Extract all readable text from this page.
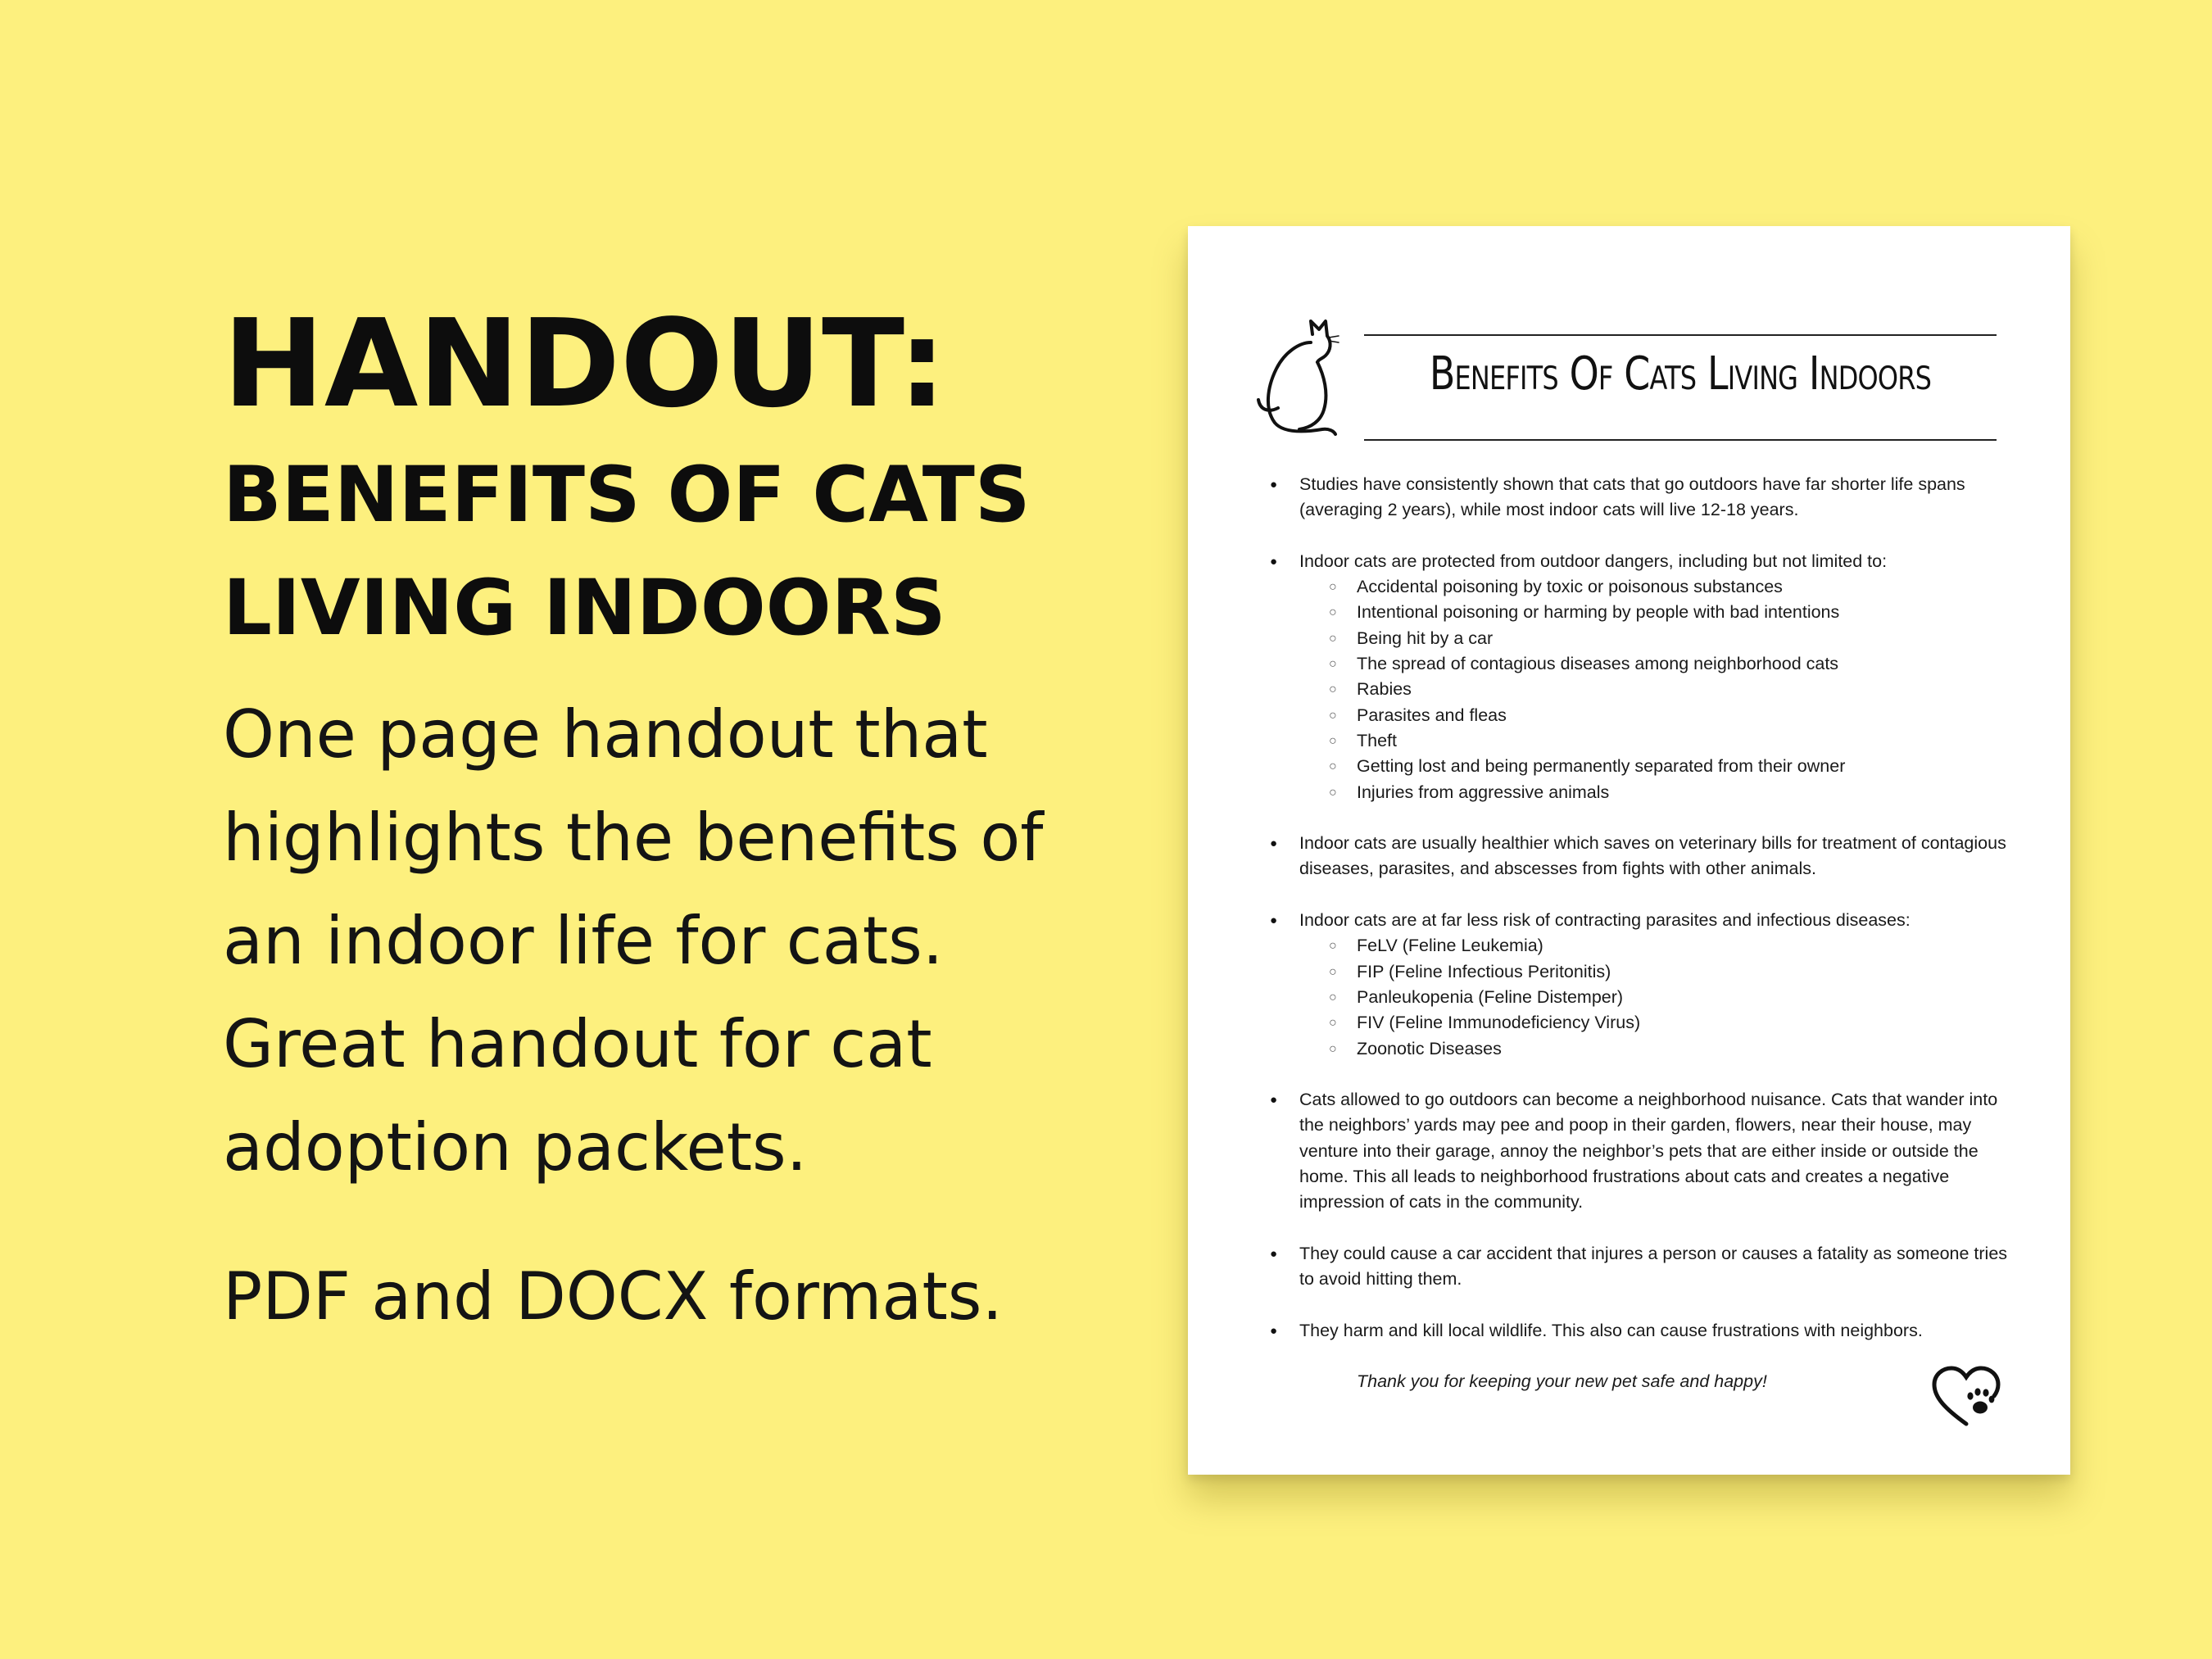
HANDOUT:
BENEFITS OF CATS
LIVING INDOORS

One page handout that highlights the benefits of an indoor life for cats. Great handout for cat adoption packets.

PDF and DOCX formats.

Benefits Of Cats Living Indoors
● Studies have consistently shown that cats that go outdoors have far shorter life spans (averaging 2 years), while most indoor cats will live 12-18 years.
● Indoor cats are protected from outdoor dangers, including but not limited to:
○ Accidental poisoning by toxic or poisonous substances
○ Intentional poisoning or harming by people with bad intentions
○ Being hit by a car
○ The spread of contagious diseases among neighborhood cats
○ Rabies
○ Parasites and fleas
○ Theft
○ Getting lost and being permanently separated from their owner
○ Injuries from aggressive animals
● Indoor cats are usually healthier which saves on veterinary bills for treatment of contagious diseases, parasites, and abscesses from fights with other animals.
● Indoor cats are at far less risk of contracting parasites and infectious diseases:
○ FeLV (Feline Leukemia)
○ FIP (Feline Infectious Peritonitis)
○ Panleukopenia (Feline Distemper)
○ FIV (Feline Immunodeficiency Virus)
○ Zoonotic Diseases
● Cats allowed to go outdoors can become a neighborhood nuisance. Cats that wander into the neighbors’ yards may pee and poop in their garden, flowers, near their house, may venture into their garage, annoy the neighbor’s pets that are either inside or outside the home. This all leads to neighborhood frustrations about cats and creates a negative impression of cats in the community.
● They could cause a car accident that injures a person or causes a fatality as someone tries to avoid hitting them.
● They harm and kill local wildlife. This also can cause frustrations with neighbors.
Thank you for keeping your new pet safe and happy!
